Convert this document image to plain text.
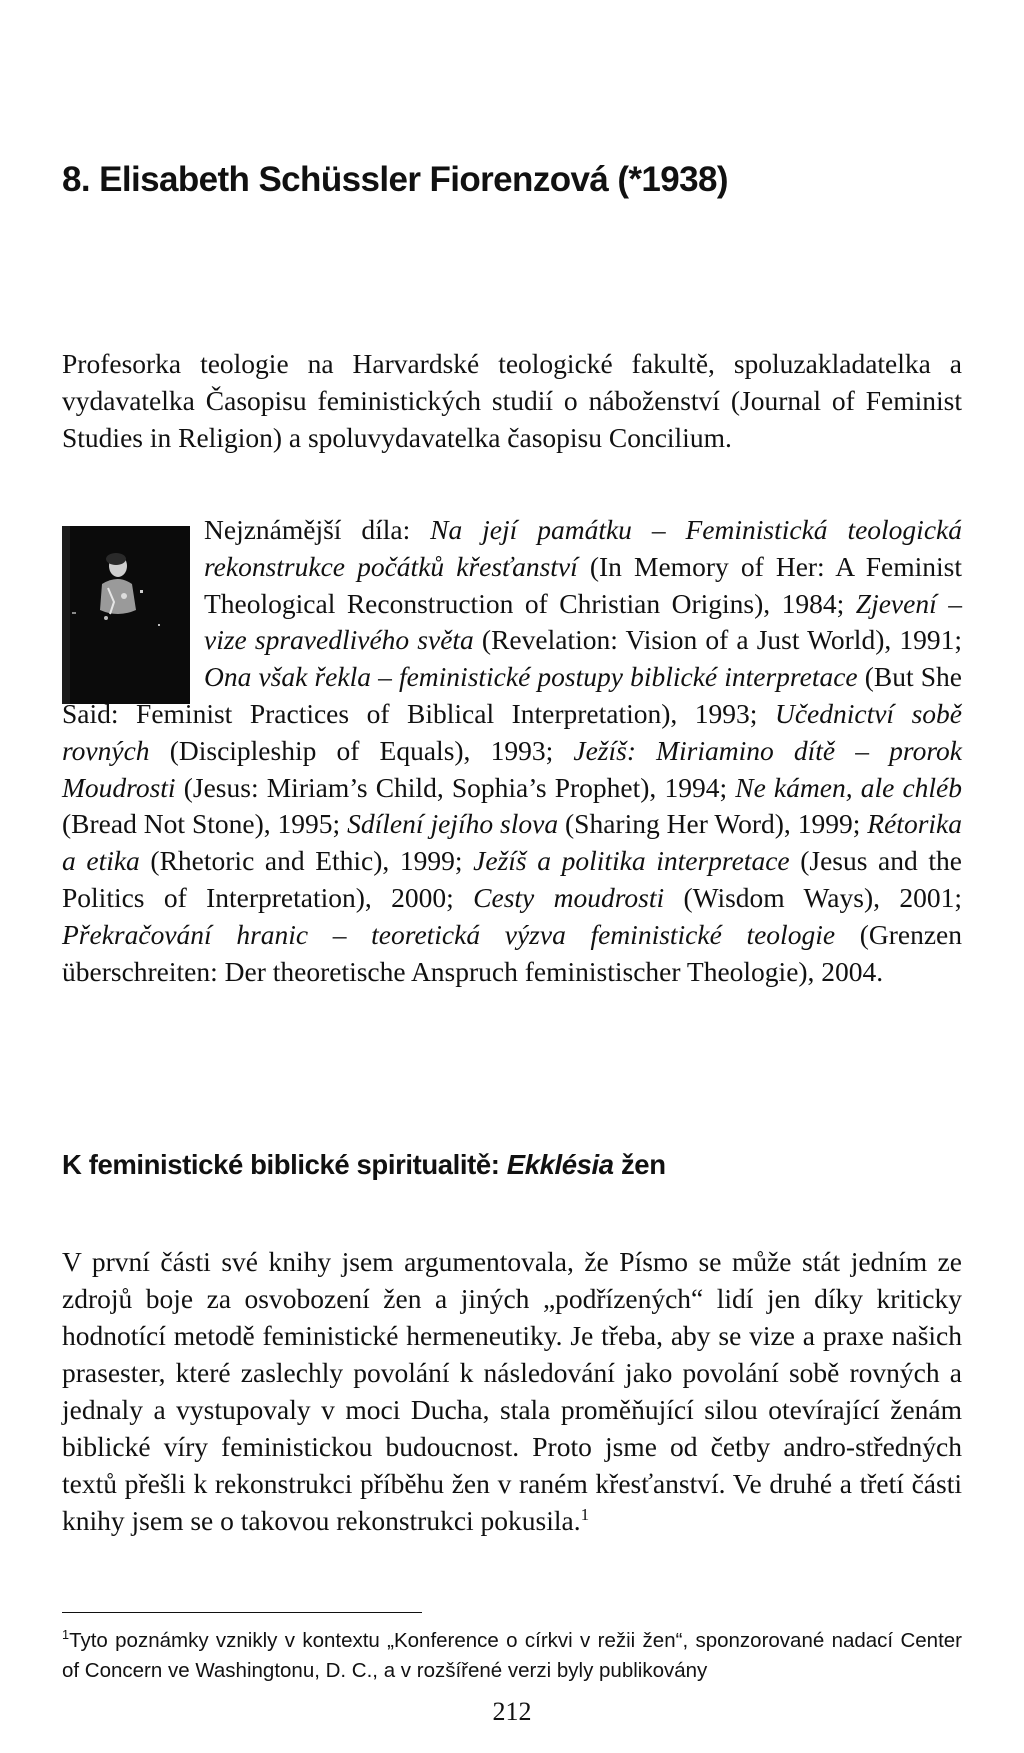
8. Elisabeth Schüssler Fiorenzová (*1938)

Profesorka teologie na Harvardské teologické fakultě, spoluzakladatelka a vydavatelka Časopisu feministických studií o náboženství (Journal of Feminist Studies in Religion) a spoluvydavatelka časopisu Concilium.

Nejznámější díla: Na její památku – Feministická teologická rekonstrukce počátků křesťanství (In Memory of Her: A Feminist Theological Reconstruction of Christian Origins), 1984; Zjevení – vize spravedlivého světa (Revelation: Vision of a Just World), 1991; Ona však řekla – feministické postupy biblické interpretace (But She Said: Feminist Practices of Biblical Interpretation), 1993; Učednictví sobě rovných (Discipleship of Equals), 1993; Ježíš: Miriamino dítě – prorok Moudrosti (Jesus: Miriam’s Child, Sophia’s Prophet), 1994; Ne kámen, ale chléb (Bread Not Stone), 1995; Sdílení jejího slova (Sharing Her Word), 1999; Rétorika a etika (Rhetoric and Ethic), 1999; Ježíš a politika interpretace (Jesus and the Politics of Interpretation), 2000; Cesty moudrosti (Wisdom Ways), 2001; Překračování hranic – teoretická výzva feministické teologie (Grenzen überschreiten: Der theoretische Anspruch feministischer Theologie), 2004.

K feministické biblické spiritualitě: Ekklésia žen

V první části své knihy jsem argumentovala, že Písmo se může stát jedním ze zdrojů boje za osvobození žen a jiných „podřízených“ lidí jen díky kriticky hodnotící metodě feministické hermeneutiky. Je třeba, aby se vize a praxe našich prasester, které zaslechly povolání k následování jako povolání sobě rovných a jednaly a vystupovaly v moci Ducha, stala proměňující silou otevírající ženám biblické víry feministickou budoucnost. Proto jsme od četby andro-středných textů přešli k rekonstrukci příběhu žen v raném křesťanství. Ve druhé a třetí části knihy jsem se o takovou rekonstrukci pokusila.$^1$

$^1$Tyto poznámky vznikly v kontextu „Konference o církvi v režii žen“, sponzorované nadací Center of Concern ve Washingtonu, D. C., a v rozšířené verzi byly publikovány

212
